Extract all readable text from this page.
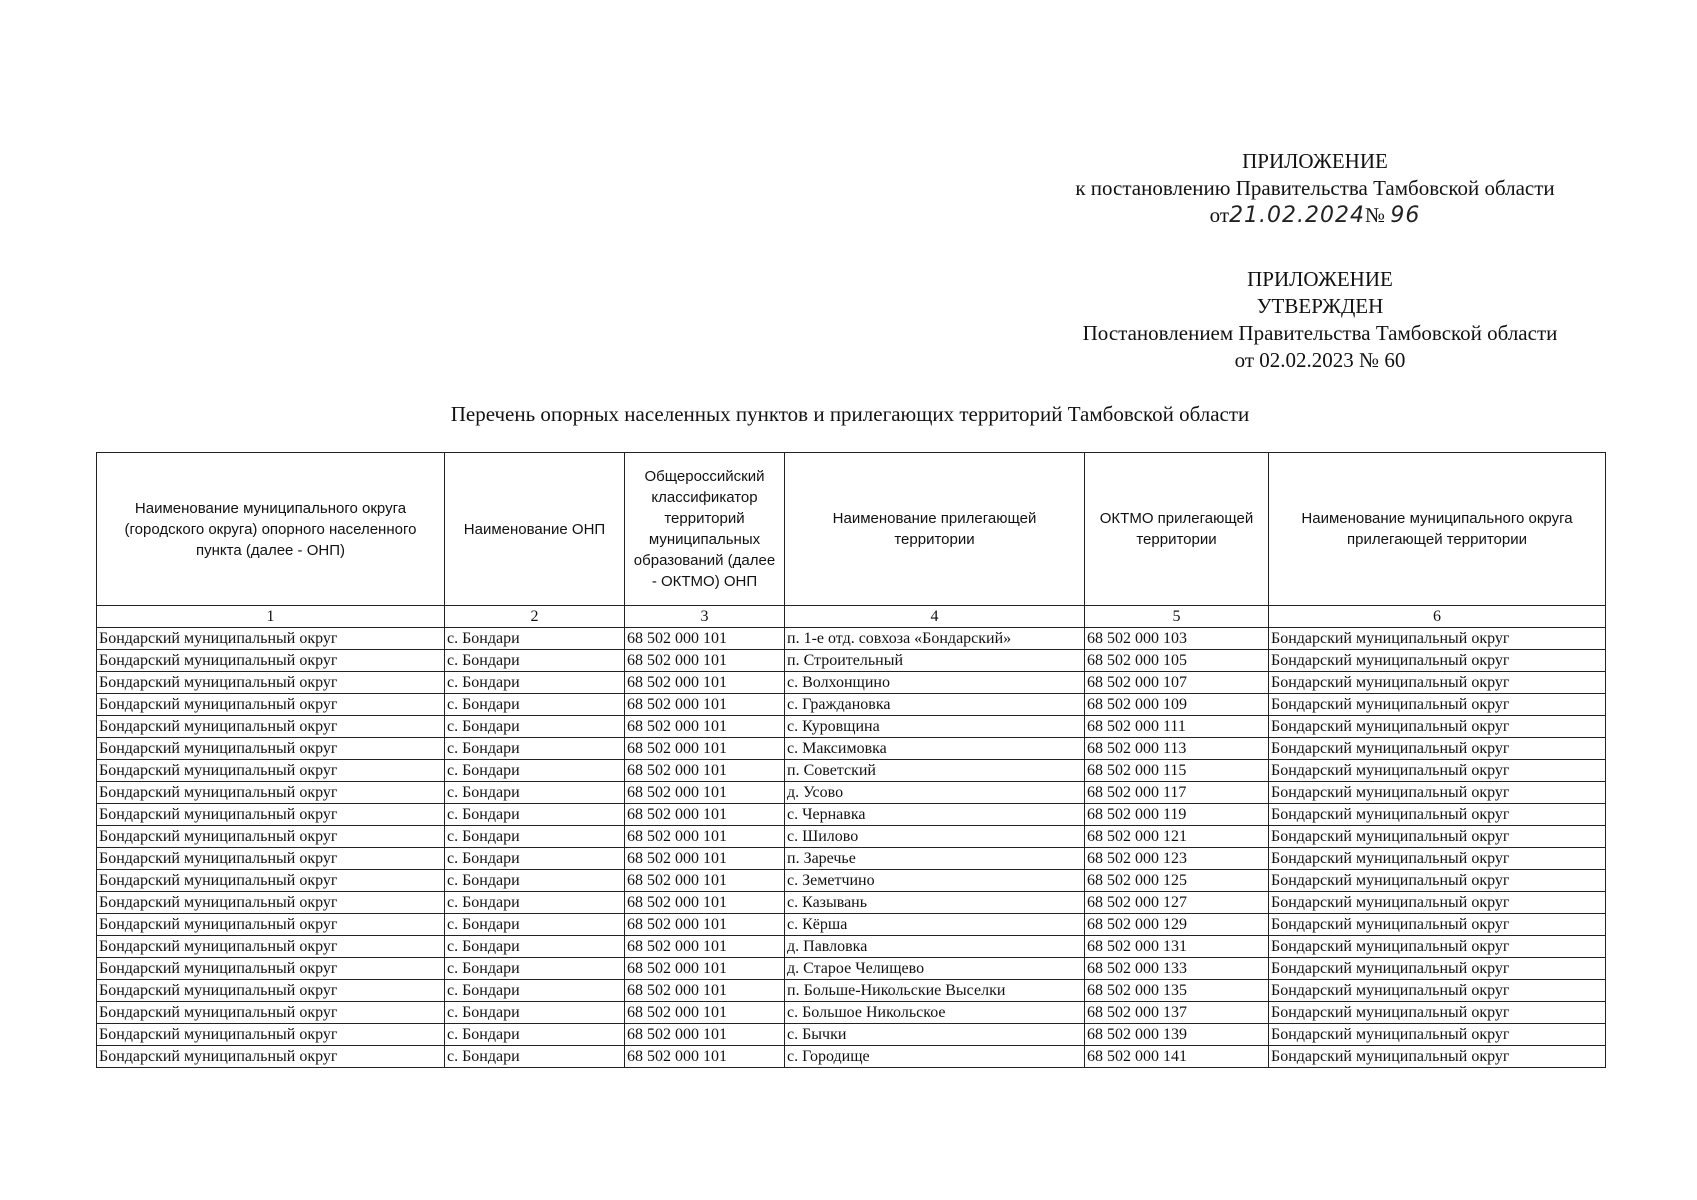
ПРИЛОЖЕНИЕ
к постановлению Правительства Тамбовской области
от21.02.2024№ 96
ПРИЛОЖЕНИЕ
УТВЕРЖДЕН
Постановлением Правительства Тамбовской области
от 02.02.2023 № 60
Перечень опорных населенных пунктов и прилегающих территорий Тамбовской области
Наименование муниципального округа (городского округа) опорного населенного пункта (далее - ОНП)	Наименование ОНП	Общероссийский классификатор территорий муниципальных образований (далее - ОКТМО) ОНП	Наименование прилегающей территории	ОКТМО прилегающей территории	Наименование муниципального округа прилегающей территории
1	2	3	4	5	6
Бондарский муниципальный округ	с. Бондари	68 502 000 101	п. 1-е отд. совхоза «Бондарский»	68 502 000 103	Бондарский муниципальный округ
Бондарский муниципальный округ	с. Бондари	68 502 000 101	п. Строительный	68 502 000 105	Бондарский муниципальный округ
Бондарский муниципальный округ	с. Бондари	68 502 000 101	с. Волхонщино	68 502 000 107	Бондарский муниципальный округ
Бондарский муниципальный округ	с. Бондари	68 502 000 101	с. Граждановка	68 502 000 109	Бондарский муниципальный округ
Бондарский муниципальный округ	с. Бондари	68 502 000 101	с. Куровщина	68 502 000 111	Бондарский муниципальный округ
Бондарский муниципальный округ	с. Бондари	68 502 000 101	с. Максимовка	68 502 000 113	Бондарский муниципальный округ
Бондарский муниципальный округ	с. Бондари	68 502 000 101	п. Советский	68 502 000 115	Бондарский муниципальный округ
Бондарский муниципальный округ	с. Бондари	68 502 000 101	д. Усово	68 502 000 117	Бондарский муниципальный округ
Бондарский муниципальный округ	с. Бондари	68 502 000 101	с. Чернавка	68 502 000 119	Бондарский муниципальный округ
Бондарский муниципальный округ	с. Бондари	68 502 000 101	с. Шилово	68 502 000 121	Бондарский муниципальный округ
Бондарский муниципальный округ	с. Бондари	68 502 000 101	п. Заречье	68 502 000 123	Бондарский муниципальный округ
Бондарский муниципальный округ	с. Бондари	68 502 000 101	с. Земетчино	68 502 000 125	Бондарский муниципальный округ
Бондарский муниципальный округ	с. Бондари	68 502 000 101	с. Казывань	68 502 000 127	Бондарский муниципальный округ
Бондарский муниципальный округ	с. Бондари	68 502 000 101	с. Кёрша	68 502 000 129	Бондарский муниципальный округ
Бондарский муниципальный округ	с. Бондари	68 502 000 101	д. Павловка	68 502 000 131	Бондарский муниципальный округ
Бондарский муниципальный округ	с. Бондари	68 502 000 101	д. Старое Челищево	68 502 000 133	Бондарский муниципальный округ
Бондарский муниципальный округ	с. Бондари	68 502 000 101	п. Больше-Никольские Выселки	68 502 000 135	Бондарский муниципальный округ
Бондарский муниципальный округ	с. Бондари	68 502 000 101	с. Большое Никольское	68 502 000 137	Бондарский муниципальный округ
Бондарский муниципальный округ	с. Бондари	68 502 000 101	с. Бычки	68 502 000 139	Бондарский муниципальный округ
Бондарский муниципальный округ	с. Бондари	68 502 000 101	с. Городище	68 502 000 141	Бондарский муниципальный округ
